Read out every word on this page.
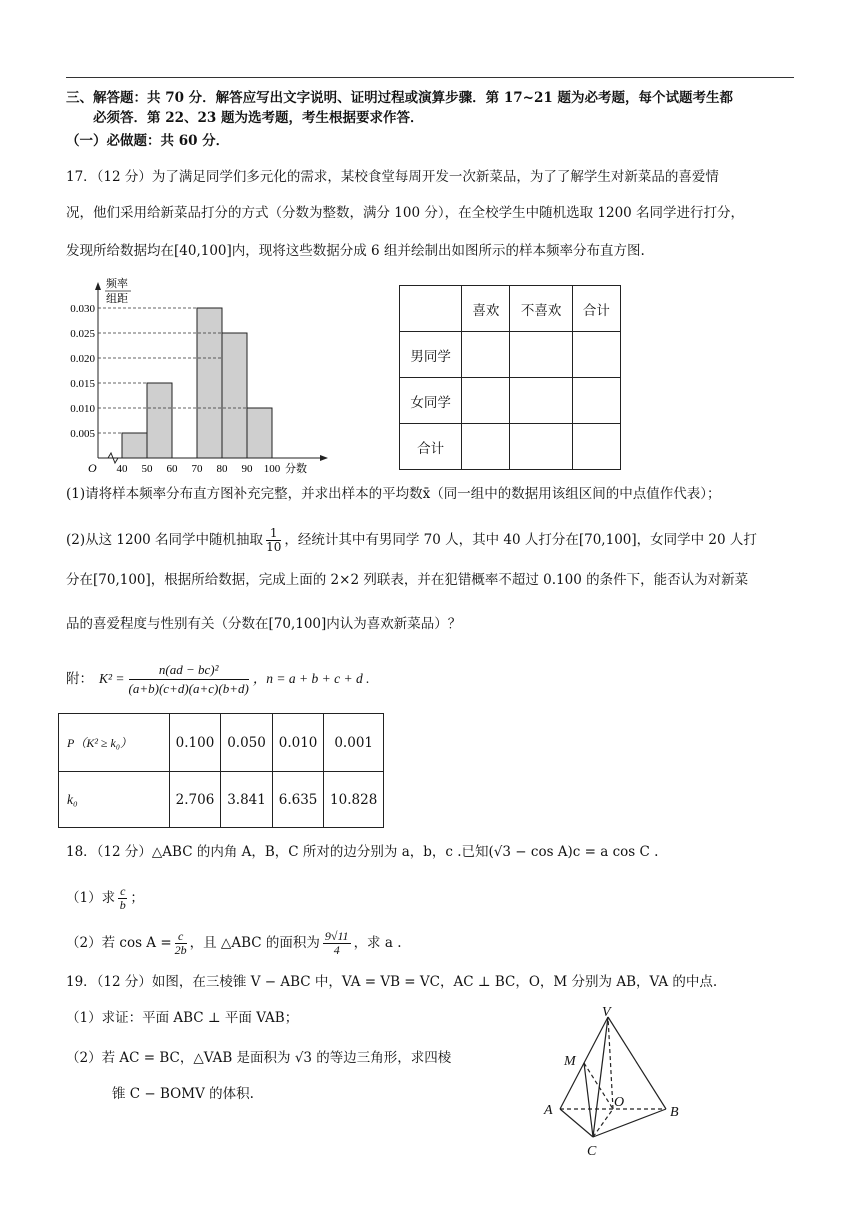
三、解答题：共 70 分．解答应写出文字说明、证明过程或演算步骤．第 17~21 题为必考题，每个试题考生都
必须答．第 22、23 题为选考题，考生根据要求作答．
（一）必做题：共 60 分．
17．（12 分）为了满足同学们多元化的需求，某校食堂每周开发一次新菜品，为了了解学生对新菜品的喜爱情
况，他们采用给新菜品打分的方式（分数为整数，满分 100 分），在全校学生中随机选取 1200 名同学进行打分，
发现所给数据均在[40,100]内，现将这些数据分成 6 组并绘制出如图所示的样本频率分布直方图.
频率
组距
0.005
0.010
0.015
0.020
0.025
0.030
40 50 60 70 80 90 100 分数
O
	喜欢	不喜欢	合计
男同学			
女同学			
合计			
(1)请将样本频率分布直方图补充完整，并求出样本的平均数x̄（同一组中的数据用该组区间的中点值作代表）；
(2)从这 1200 名同学中随机抽取 $\frac{1}{10}$ ，经统计其中有男同学 70 人，其中 40 人打分在[70,100]，女同学中 20 人打
分在[70,100]，根据所给数据，完成上面的 2×2 列联表，并在犯错概率不超过 0.100 的条件下，能否认为对新菜
品的喜爱程度与性别有关（分数在[70,100]内认为喜欢新菜品）？
附： $K^2 = \frac{\text{n(ad − bc)²}}{(a+b)(c+d)(a+c)(b+d)}$ ，n = a + b + c + d .
P（K² ≥ k₀）	0.100	0.050	0.010	0.001
k₀	2.706	3.841	6.635	10.828
18．（12 分）△ABC 的内角 A，B，C 所对的边分别为 a，b，c .已知(√3 − cos A)c = a cos C .
（1）求 $\frac{c}{b}$ ；
（2）若 $\cos A = \frac{c}{2b}$ ，且 △ABC 的面积为 $\frac{9√11}{4}$ ，求 a .
19．（12 分）如图，在三棱锥 V − ABC 中，VA = VB = VC，AC ⊥ BC，O，M 分别为 AB，VA 的中点.
（1）求证：平面 ABC ⊥ 平面 VAB；
（2）若 AC = BC，△VAB 是面积为 √3 的等边三角形，求四棱
锥 C − BOMV 的体积.
V
M
O
A	B
C
